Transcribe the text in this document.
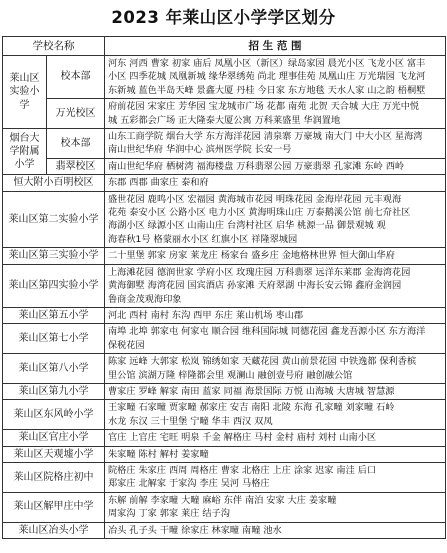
2023 年莱山区小学学区划分
学校名称		招 生 范 围
莱山区实验小学	校本部	河东 河西 曹家 初家 庙后 凤凰小区（新区）绿岛家园 晨光小区 飞龙小区 富丰
小区 四季花城 凤凰新城 缘华翠绣苑 尚北 理事佳苑 凤凰山庄 万光瑞园 飞龙河
东新城 蓝色半岛天峰 景鑫大厦 丹桂 今日家 东方地毯 天水人家 山之韵 梧桐墅

	万光校区	府前花园 宋家庄 芳华园 宝龙城市广场 花都 南苑 北贺 天合城 大庄 万光中悦
城 五彩都会广场 正大隆泰大厦公寓 万科莱盛里 华润置地

烟台大学附属小学	校本部	山东工商学院 烟台大学 东方海洋花园 清泉寨 万豪城 南大门 中大小区 星海湾
南山世纪华府 华润中心 滨州医学院 长安一号

	翡翠校区	南山世纪华府 栖树湾 福海楼盘 万科翡翠公园 万豪翡翠 孔家滩 东岭 西岭

恒大附小百明校区		东郡 西郡 曲家庄 泰和府

莱山区第二实验小学		盛世花园 鹿鸣小区 宏福园 黄海城市花园 明珠花园 金海岸花园 元丰观海
花苑 泰安小区 公路小区 电力小区 黄海明珠山庄 万泰鹅溪公馆 前七夼社区
海湖小区 绿源小区 山南山庄 台湾村社区 启华 桃源一品 御景观城 观
海春秋1号 格蒙丽水小区 红旗小区 祥隆翠城园

莱山区第三实验小学		二十里堡 郭家 房家 莱龙庄 杨家台 盛乡庄 金地格林世界 恒大御山华府

莱山区第四实验小学		上海滩花园 德润世家 学府小区 玫瑰庄园 万科翡翠 远洋东莱郡 金海湾花园
黄海御墅 海湾花园 国宾酒店 孙家滩 天府翠湖 中海长安云锦 鑫府金润园
鲁商金茂观海印象

莱山区第五小学		河北 西村 南村 东沟 西甲 东庄 莱山机场 枣山郡

莱山区第七小学		南埠 北埠 郭家屯 何家屯 顺合园 维科国际城 同德花园 鑫龙吾源小区 东方海洋
保税花园

莱山区第八小学		陈家 远峰 大郭家 松岚 锦绣如家 天藏花园 黄山前景花园 中铁逸都 保利香槟
里公馆 滨湖万隆 梓隆都会里 观澜山 融创壹号府 融创融公馆

莱山区第九小学		曹家庄 罗峰 解家 南田 蓝家 同福 海景国际 万悦 山海城 大唐城 智慧源

莱山区东风岭小学		王家疃 石家疃 贾家疃 郝家庄 安吉 南阳 北陵 东海 孔家疃 刘家疃 石岭
水龙 东汉 三十里堡 宁疃 华丰 西汉 双凤

莱山区官庄小学		官庄 上官庄 宅旺 明泉 千金 解格庄 马村 金村 庙村 刘村 山南小区

莱山区天观墟小学		朱家疃 陈村 解村 姜家疃

莱山区院格庄初中		院格庄 朱家庄 西周 周格庄 曹家 北格庄 上庄 涂家 迟家 南洼 后口
郑家庄 北解家 于家沟 李庄 吴河 马格庄

莱山区解甲庄中学		东解 前解 李家疃 大疃 麻峪 东伴 南泊 安家 大庄 姜家疃
周家沟 丁家 郭家 莱庄 结子沟

莱山区冶头小学		冶头 孔子头 干疃 徐家庄 林家疃 南疃 池水
